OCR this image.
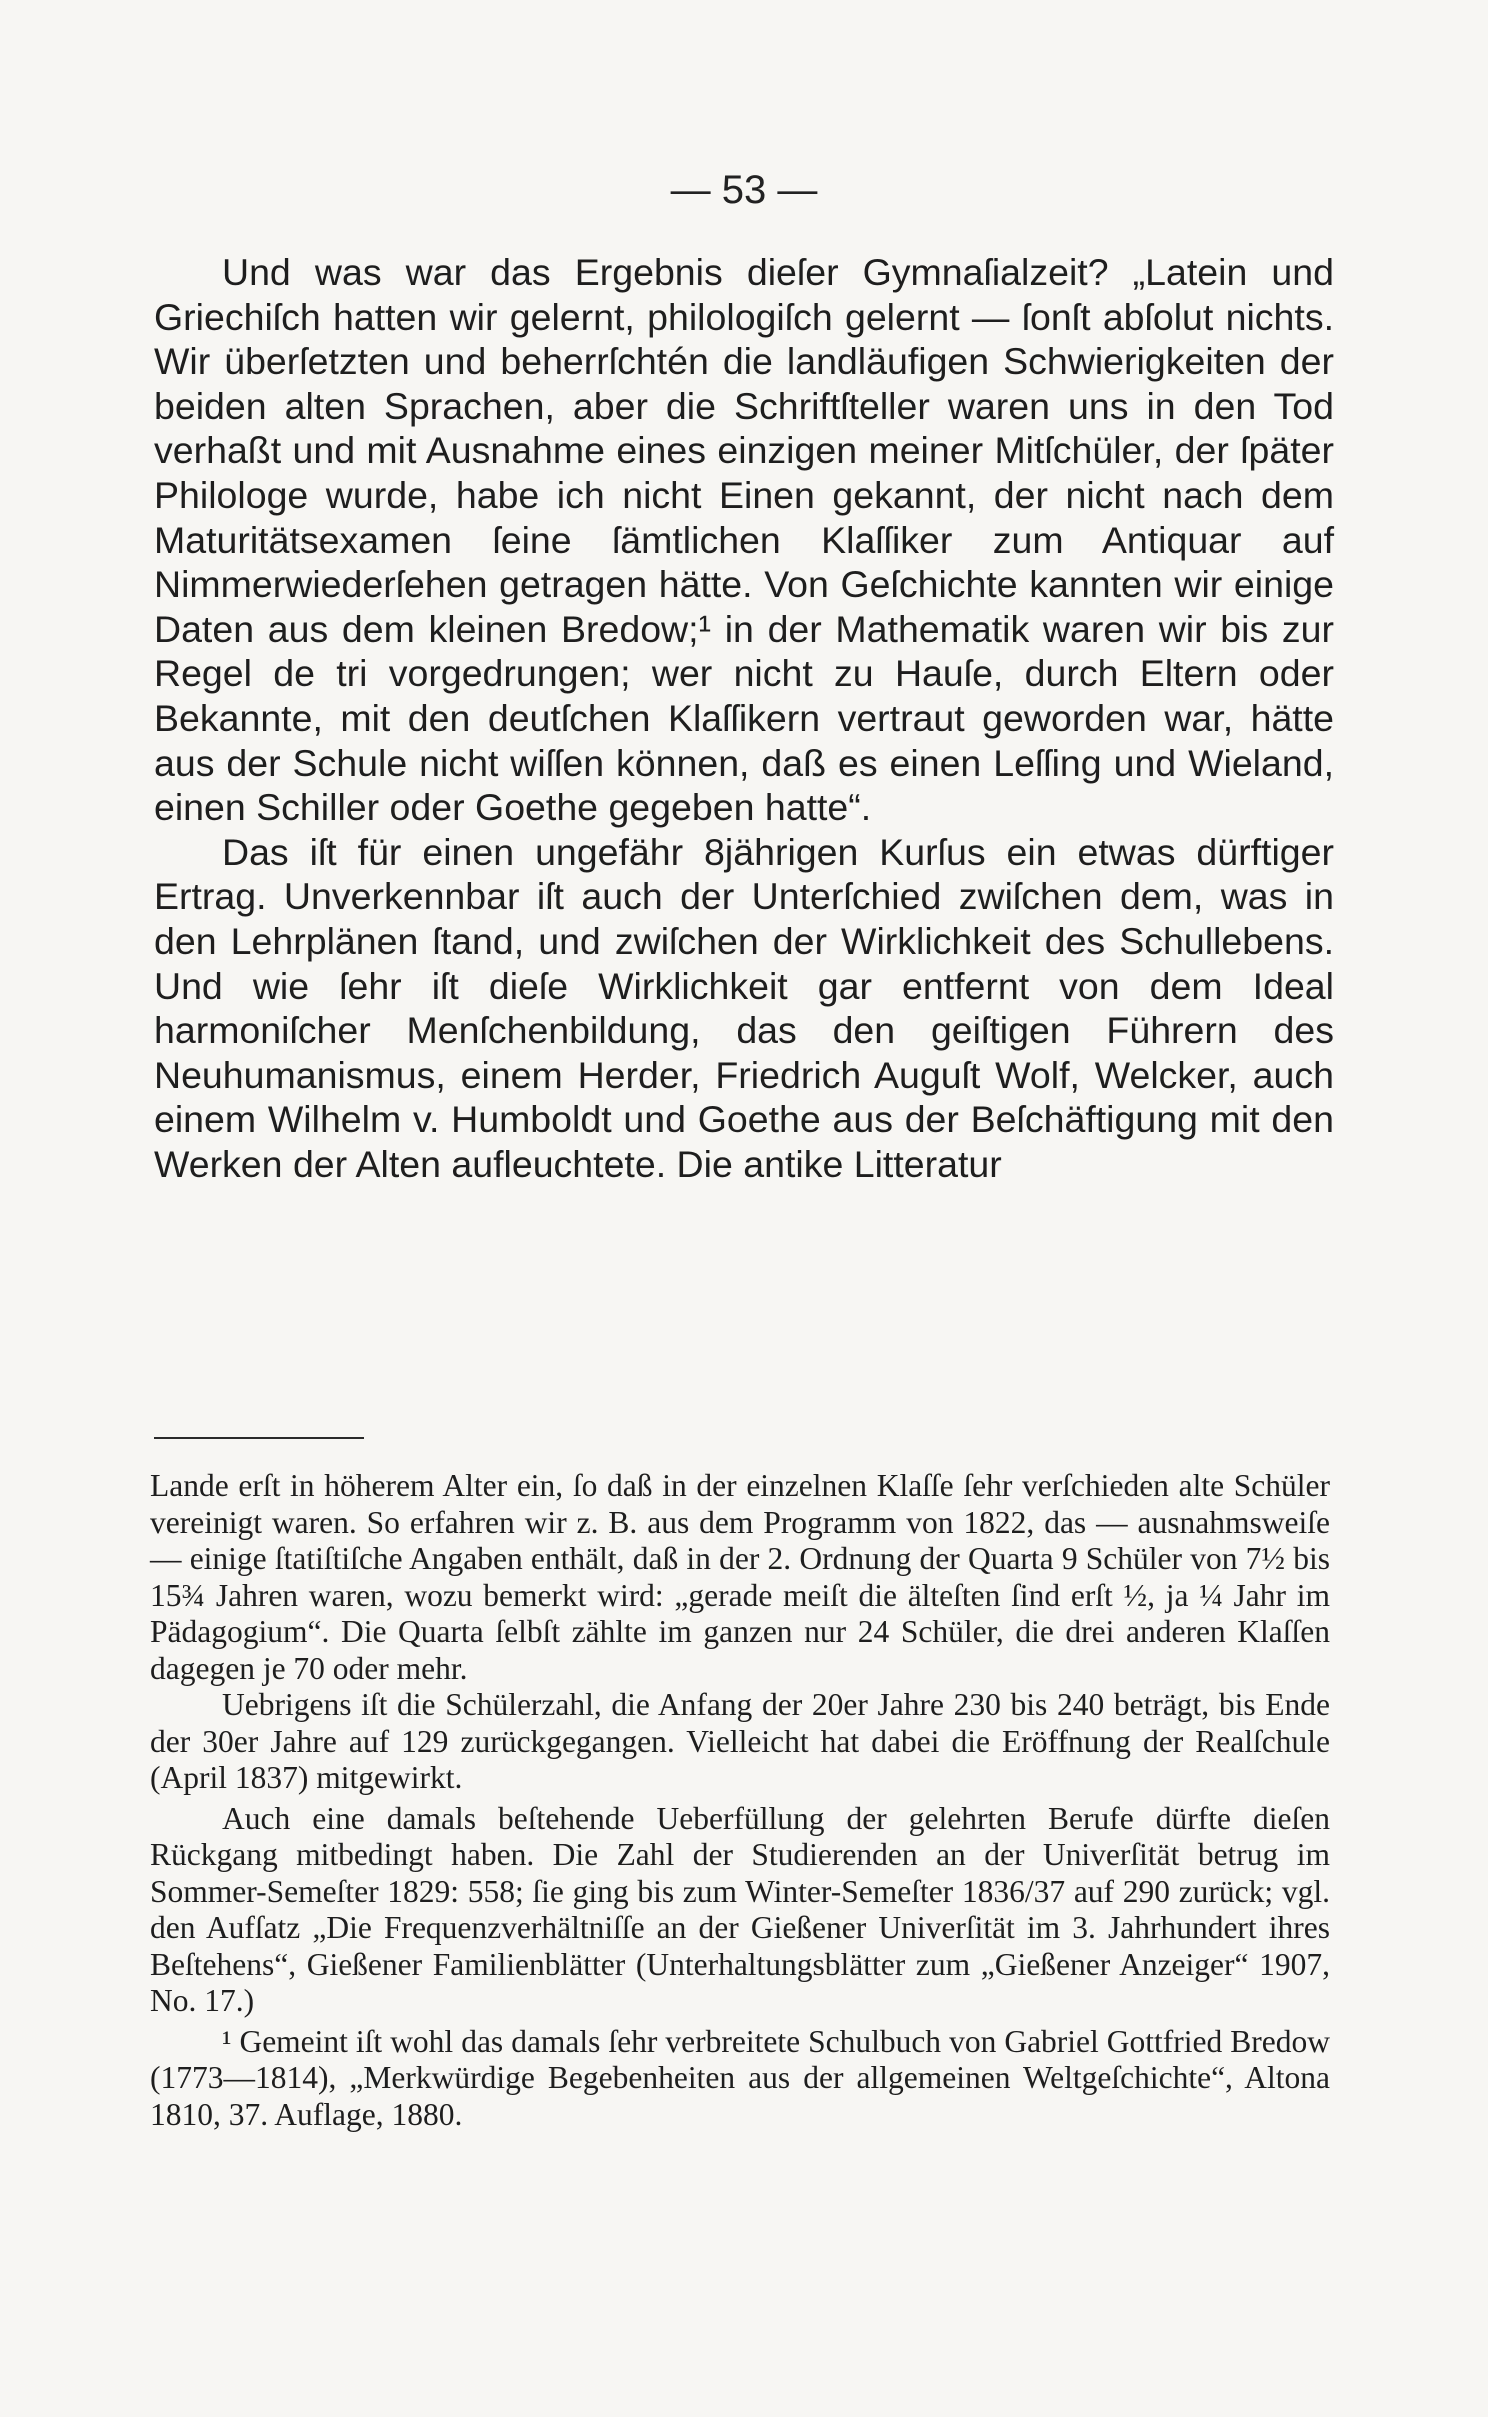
— 53 —

Und was war das Ergebnis dieſer Gymnaſialzeit? „Latein und Griechiſch hatten wir gelernt, philologiſch gelernt — ſonſt abſolut nichts. Wir überſetzten und beherrſchtén die landläufigen Schwierigkeiten der beiden alten Sprachen, aber die Schriftſteller waren uns in den Tod verhaßt und mit Ausnahme eines einzigen meiner Mitſchüler, der ſpäter Philologe wurde, habe ich nicht Einen gekannt, der nicht nach dem Maturitätsexamen ſeine ſämtlichen Klaſſiker zum Antiquar auf Nimmerwiederſehen getragen hätte. Von Geſchichte kannten wir einige Daten aus dem kleinen Bredow;¹ in der Mathematik waren wir bis zur Regel de tri vorgedrungen; wer nicht zu Hauſe, durch Eltern oder Bekannte, mit den deutſchen Klaſſikern vertraut geworden war, hätte aus der Schule nicht wiſſen können, daß es einen Leſſing und Wieland, einen Schiller oder Goethe gegeben hatte“.

Das iſt für einen ungefähr 8jährigen Kurſus ein etwas dürftiger Ertrag. Unverkennbar iſt auch der Unterſchied zwiſchen dem, was in den Lehrplänen ſtand, und zwiſchen der Wirklichkeit des Schullebens. Und wie ſehr iſt dieſe Wirklichkeit gar entfernt von dem Ideal harmoniſcher Menſchenbildung, das den geiſtigen Führern des Neuhumanismus, einem Herder, Friedrich Auguſt Wolf, Welcker, auch einem Wilhelm v. Humboldt und Goethe aus der Beſchäftigung mit den Werken der Alten aufleuchtete. Die antike Litteratur

Lande erſt in höherem Alter ein, ſo daß in der einzelnen Klaſſe ſehr verſchieden alte Schüler vereinigt waren. So erfahren wir z. B. aus dem Programm von 1822, das — ausnahmsweiſe — einige ſtatiſtiſche Angaben enthält, daß in der 2. Ordnung der Quarta 9 Schüler von 7½ bis 15¾ Jahren waren, wozu bemerkt wird: „gerade meiſt die älteſten ſind erſt ½, ja ¼ Jahr im Pädagogium“. Die Quarta ſelbſt zählte im ganzen nur 24 Schüler, die drei anderen Klaſſen dagegen je 70 oder mehr.

Uebrigens iſt die Schülerzahl, die Anfang der 20er Jahre 230 bis 240 beträgt, bis Ende der 30er Jahre auf 129 zurückgegangen. Vielleicht hat dabei die Eröffnung der Realſchule (April 1837) mitgewirkt.

Auch eine damals beſtehende Ueberfüllung der gelehrten Berufe dürfte dieſen Rückgang mitbedingt haben. Die Zahl der Studierenden an der Univerſität betrug im Sommer-Semeſter 1829: 558; ſie ging bis zum Winter-Semeſter 1836/37 auf 290 zurück; vgl. den Aufſatz „Die Frequenzverhältniſſe an der Gießener Univerſität im 3. Jahrhundert ihres Beſtehens“, Gießener Familienblätter (Unterhaltungsblätter zum „Gießener Anzeiger“ 1907, No. 17.)

¹ Gemeint iſt wohl das damals ſehr verbreitete Schulbuch von Gabriel Gottfried Bredow (1773—1814), „Merkwürdige Begebenheiten aus der allgemeinen Weltgeſchichte“, Altona 1810, 37. Auflage, 1880.
